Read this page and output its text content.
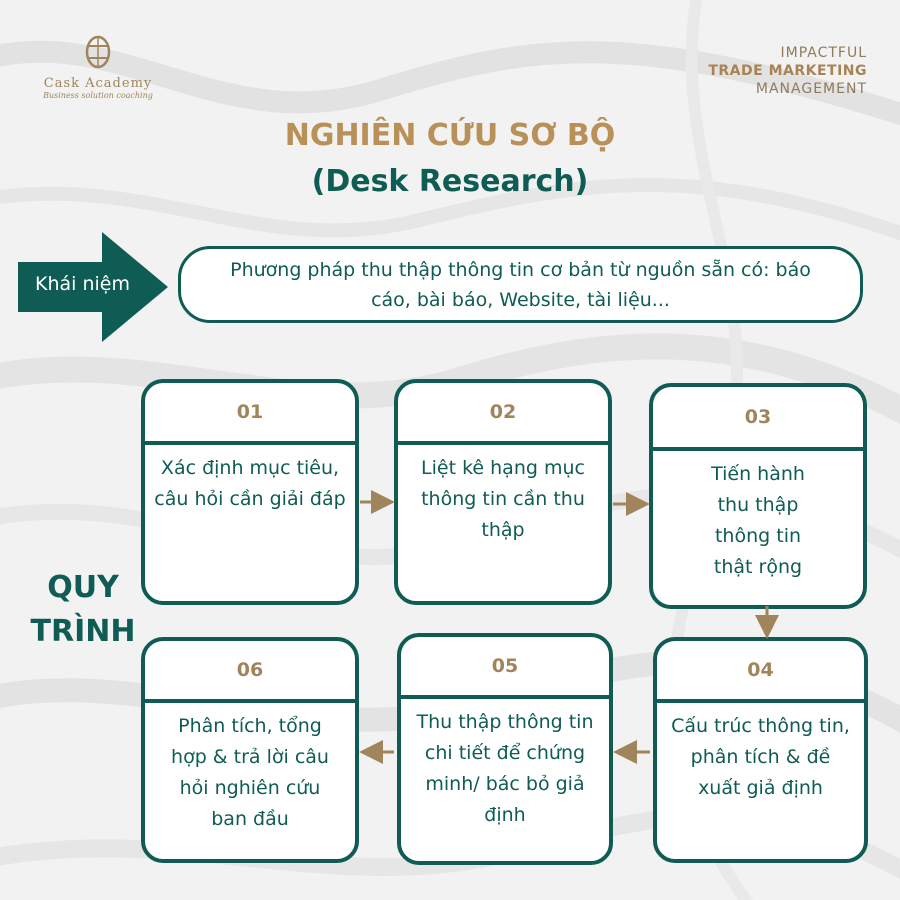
Cask Academy
Business solution coaching
IMPACTFUL
TRADE MARKETING
MANAGEMENT
NGHIÊN CỨU SƠ BỘ
(Desk Research)
Khái niệm
Phương pháp thu thập thông tin cơ bản từ nguồn sẵn có: báo cáo, bài báo, Website, tài liệu...
QUY TRÌNH
01
Xác định mục tiêu, câu hỏi cần giải đáp
02
Liệt kê hạng mục thông tin cần thu thập
03
Tiến hành thu thập thông tin thật rộng
04
Cấu trúc thông tin, phân tích & đề xuất giả định
05
Thu thập thông tin chi tiết để chứng minh/ bác bỏ giả định
06
Phân tích, tổng hợp & trả lời câu hỏi nghiên cứu ban đầu
